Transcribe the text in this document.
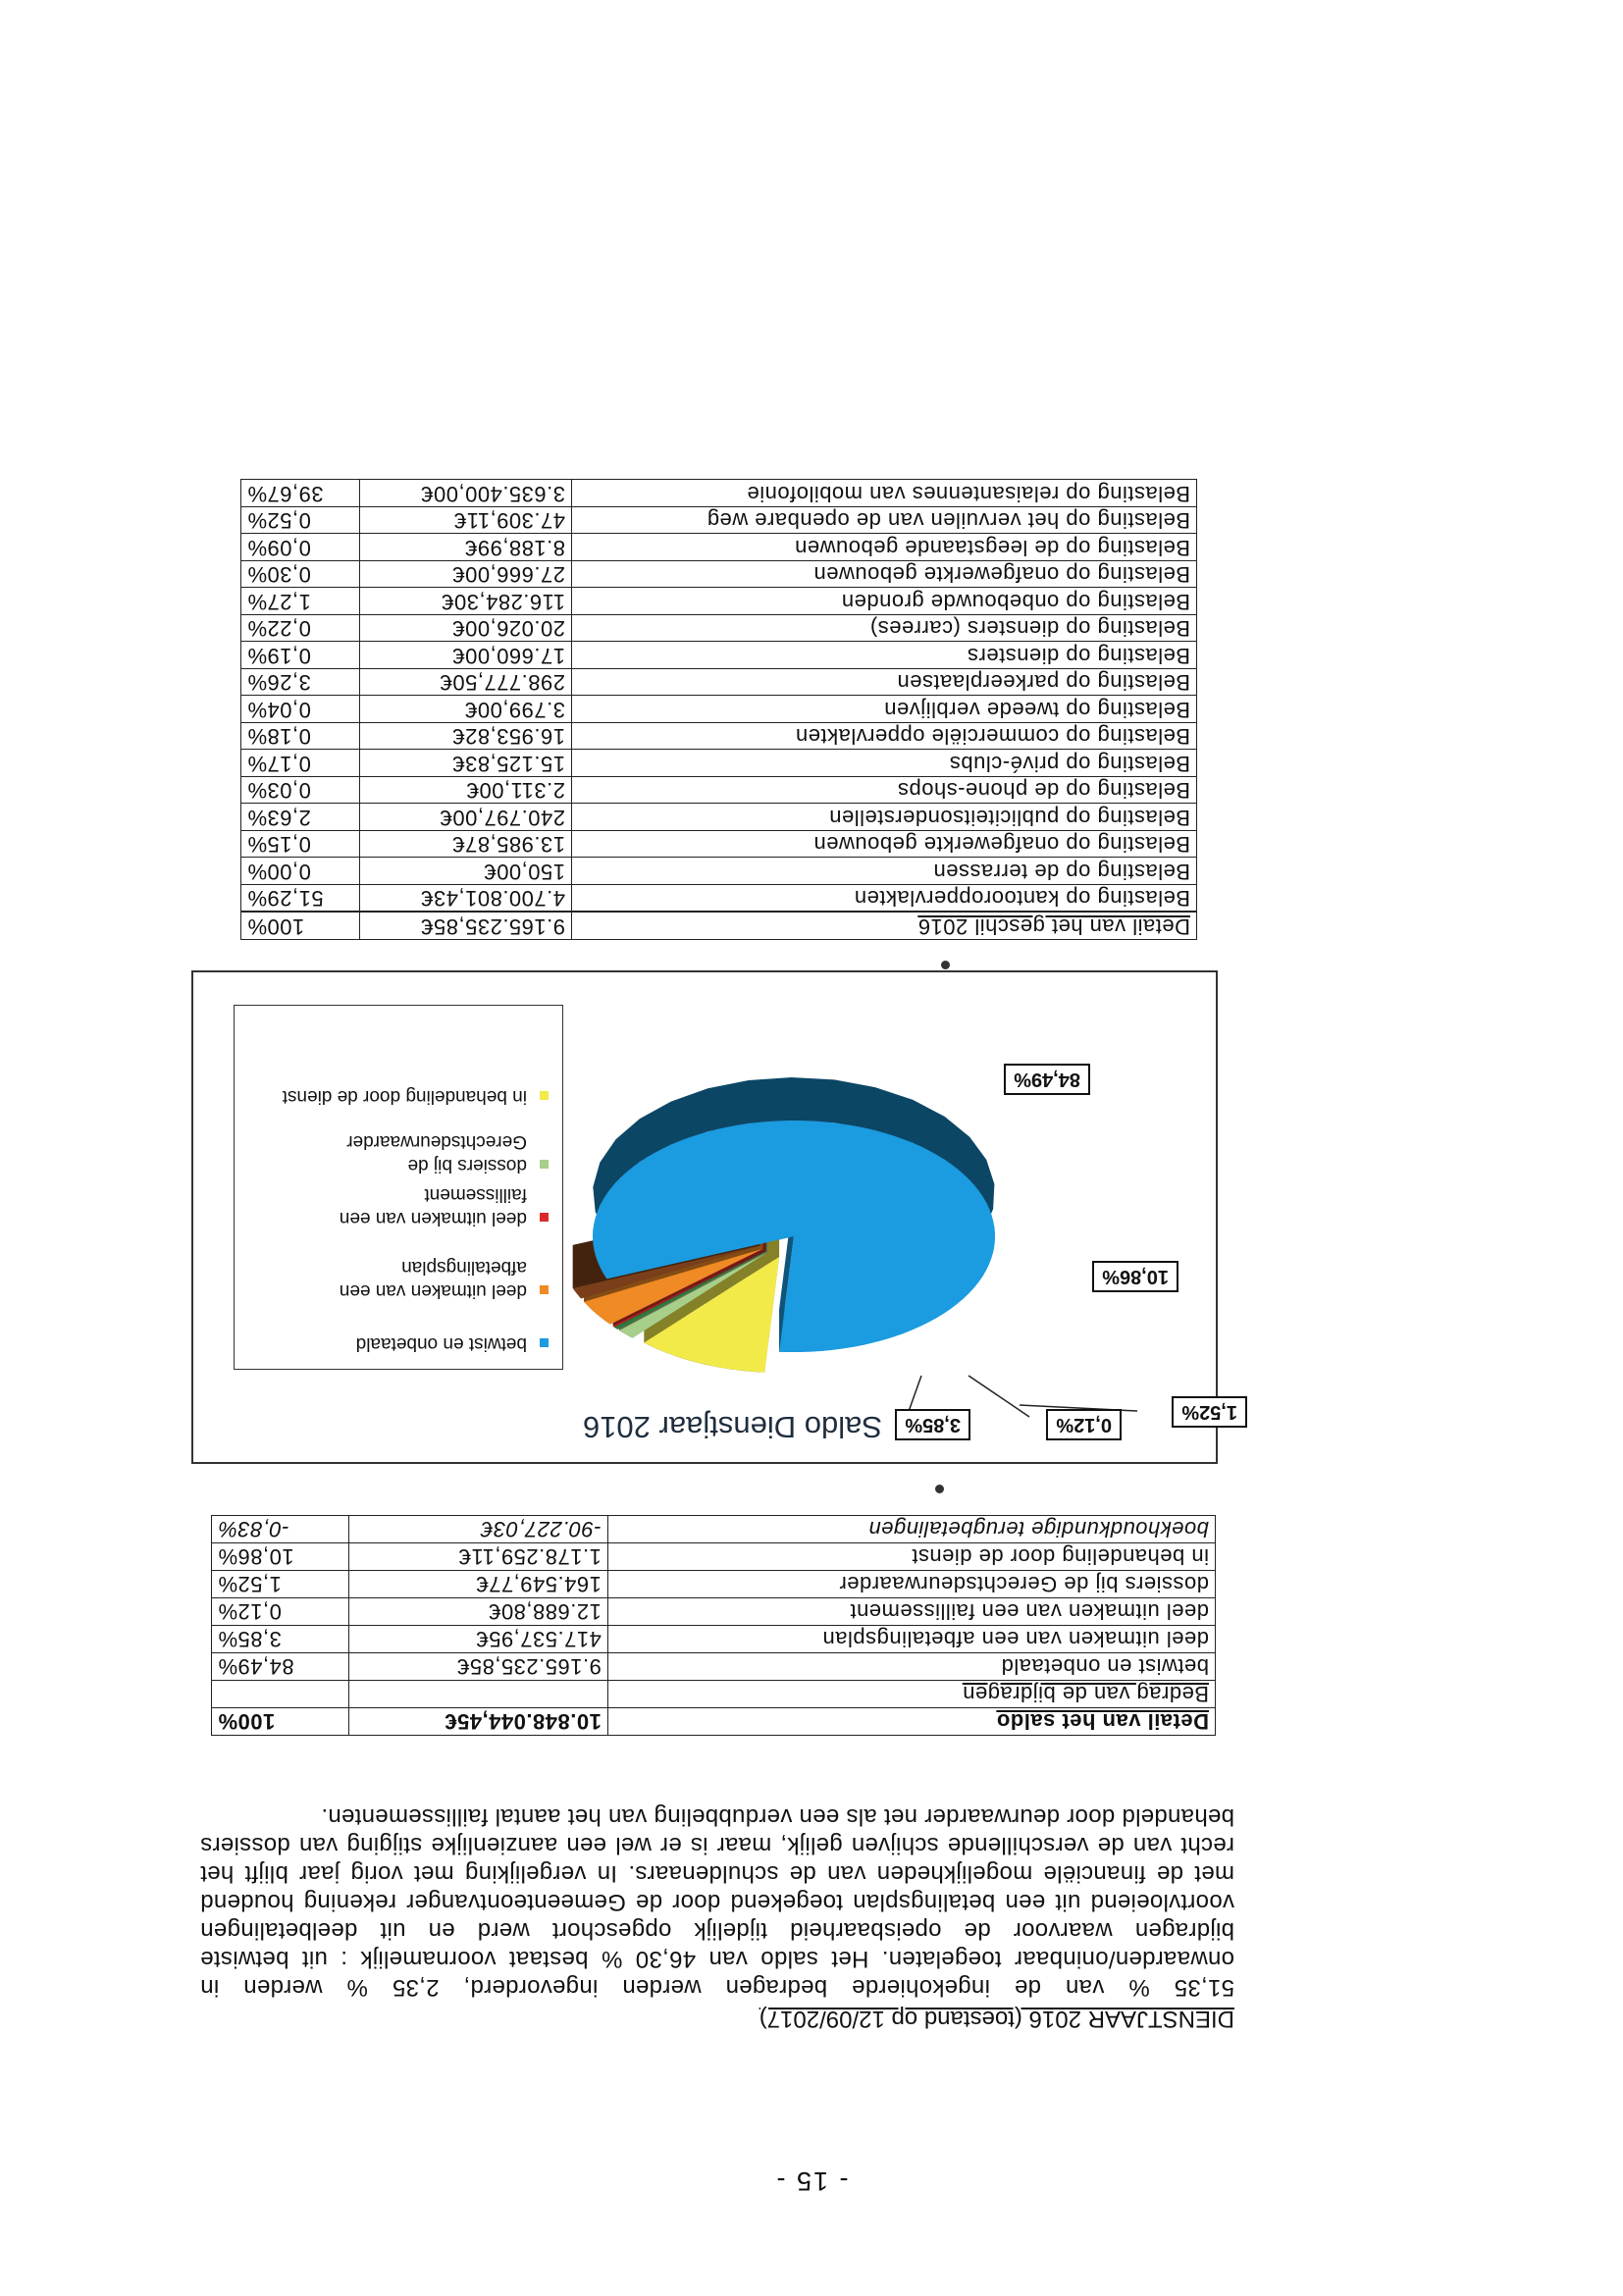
- 15 -
DIENSTJAAR 2016 (toestand op 12/09/2017)
51,35 % van de ingekohierde bedragen werden ingevorderd, 2,35 % werden in onwaarden/oninbaar toegelaten. Het saldo van 46,30 % bestaat voornamelijk : uit betwiste bijdragen waarvoor de opeisbaarheid tijdelijk opgeschort werd en uit deelbetalingen voortvloeiend uit een betalingsplan toegekend door de Gemeenteontvanger rekening houdend met de financiële mogelijkheden van de schuldenaars. In vergelijking met vorig jaar blijft het recht van de verschillende schijven gelijk, maar is er wel een aanzienlijke stijging van dossiers behandeld door deurwaarder net als een verdubbeling van het aantal faillissementen.
Detail van het saldo	10.848.044,45€	100%
Bedrag van de bijdragen		
betwist en onbetaald	9.165.235,85€	84,49%
deel uitmaken van een afbetalingsplan	417.537,95€	3,85%
deel uitmaken van een faillissement	12.688,80€	0,12%
dossiers bij de Gerechtsdeurwaarder	164.549,77€	1,52%
in behandeling door de dienst	1.178.259,11€	10,86%
boekhoudkundige terugbetalingen	-90.227,03€	-0,83%
Saldo Dienstjaar 2016
betwist en onbetaald
deel uitmaken van een afbetalingsplan
deel uitmaken van een faillissement
dossiers bij de Gerechtsdeurwaarder
in behandeling door de dienst
84,49%
10,86%
1,52%
0,12%
3,85%
Detail van het geschil 2016	9.165.235,85€	100%
Belasting op kantooroppervlakten	4.700.801,43€	51,29%
Belasting op de terrassen	150,00€	0,00%
Belasting op onafgewerkte gebouwen	13.985,87€	0,15%
Belasting op publiciteitsonderstellen	240.797,00€	2,63%
Belasting op de phone-shops	2.311,00€	0,03%
Belasting op privé-clubs	15.125,83€	0,17%
Belasting op commerciële oppervlakten	16.953,82€	0,18%
Belasting op tweede verblijven	3.799,00€	0,04%
Belasting op parkeerplaatsen	298.777,50€	3,26%
Belasting op diensters	17.660,00€	0,19%
Belasting op diensters (carrees)	20.026,00€	0,22%
Belasting op onbebouwde gronden	116.284,30€	1,27%
Belasting op onafgewerkte gebouwen	27.666,00€	0,30%
Belasting op de leegstaande gebouwen	8.188,99€	0,09%
Belasting op het vervuilen van de openbare weg	47.309,11€	0,52%
Belasting op relaisantennes van mobilofonie	3.635.400,00€	39,67%
